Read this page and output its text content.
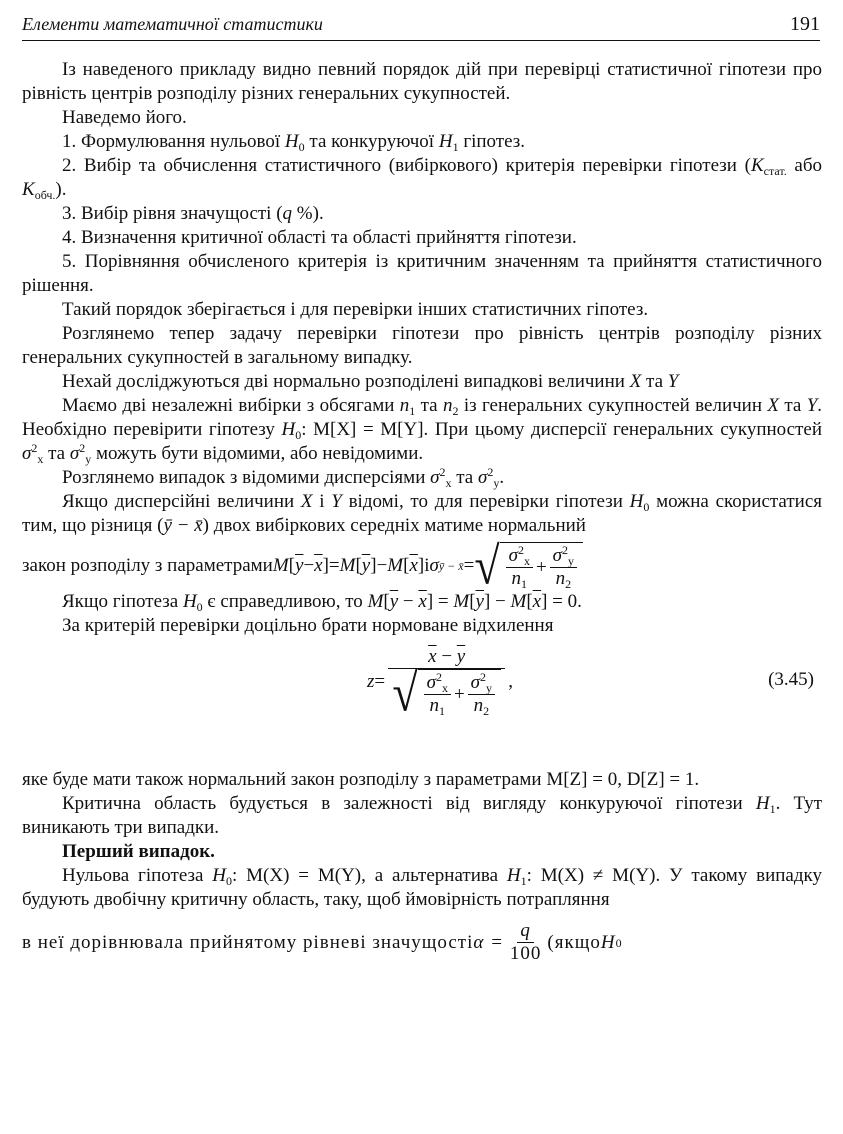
Елементи математичної статистики	191

Із наведеного прикладу видно певний порядок дій при перевірці статистичної гіпотези про рівність центрів розподілу різних генеральних сукупностей.

Наведемо його.

1. Формулювання нульової $H_0$ та конкуруючої $H_1$ гіпотез.

2. Вибір та обчислення статистичного (вибіркового) критерія перевірки гіпотези ($K_{стат.}$ або $K_{обч.}$).

3. Вибір рівня значущості (q %).

4. Визначення критичної області та області прийняття гіпотези.

5. Порівняння обчисленого критерія із критичним значенням та прийняття статистичного рішення.

Такий порядок зберігається і для перевірки інших статистичних гіпотез.

Розглянемо тепер задачу перевірки гіпотези про рівність центрів розподілу різних генеральних сукупностей в загальному випадку.

Нехай досліджуються дві нормально розподілені випадкові величини X та Y

Маємо дві незалежні вибірки з обсягами $n_1$ та $n_2$ із генеральних сукупностей величин X та Y. Необхідно перевірити гіпотезу $H_0$: M[X] = M[Y]. При цьому дисперсії генеральних сукупностей $\sigma^2_x$ та $\sigma^2_y$ можуть бути відомими, або невідомими.

Розглянемо випадок з відомими дисперсіями $\sigma^2_x$ та $\sigma^2_y$.

Якщо дисперсійні величини X і Y відомі, то для перевірки гіпотези $H_0$ можна скористатися тим, що різниця (ȳ − x̄) двох вибіркових середніх матиме нормальний

закон розподілу з параметрами M [ $\overline{y} - \overline{x}$ ] = M [ $\overline{y}$ ] − M [ $\overline{x}$ ] і σ ȳ − x̄ = √ $\frac{\sigma^2_x}{n_1} + \frac{\sigma^2_y}{n_2}$

Якщо гіпотеза $H_0$ є справедливою, то $M[\overline{y} - \overline{x}] = M[\overline{y}] - M[\overline{x}] = 0$.

За критерій перевірки доцільно брати нормоване відхилення

z =
$\overline{x} - \overline{y}$
√ $\frac{\sigma^2_x}{n_1} + \frac{\sigma^2_y}{n_2}$ ,	(3.45)

яке буде мати також нормальний закон розподілу з параметрами M[Z] = 0, D[Z] = 1.

Критична область будується в залежності від вигляду конкуруючої гіпотези $H_1$. Тут виникають три випадки.

Перший випадок.

Нульова гіпотеза $H_0$: M(X) = M(Y), а альтернатива $H_1$: M(X) ≠ M(Y). У такому випадку будують двобічну критичну область, таку, щоб ймовірність потрапляння

в неї дорівнювала прийнятому рівневі значущості $\alpha = \frac{q}{100}$ (якщо H 0
